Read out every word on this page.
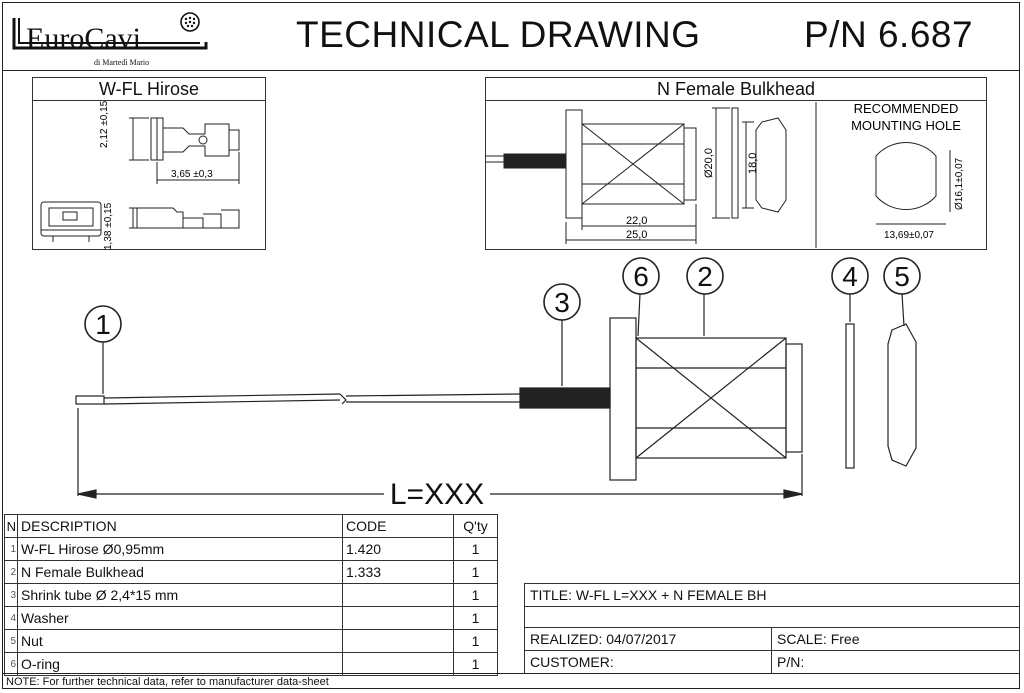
EuroCavi
di Martedì Mario
TECHNICAL DRAWING	P/N 6.687
W-FL Hirose
2,12 ±0,15
3,65 ±0,3
1,38 ±0,15
N Female Bulkhead
22,0
25,0
Ø20,0	18,0
RECOMMENDED
MOUNTING HOLE
Ø16,1±0,07
13,69±0,07
1
3
6 2	4 5
L=XXX
N	DESCRIPTION	CODE	Q'ty
1	W-FL Hirose Ø0,95mm	1.420	1
2	N Female Bulkhead	1.333	1
3	Shrink tube Ø 2,4*15 mm		1
4	Washer		1
5	Nut		1
6	O-ring		1
TITLE: W-FL L=XXX + N FEMALE BH	

REALIZED: 04/07/2017	SCALE: Free
CUSTOMER:	P/N:
NOTE: For further technical data, refer to manufacturer data-sheet
